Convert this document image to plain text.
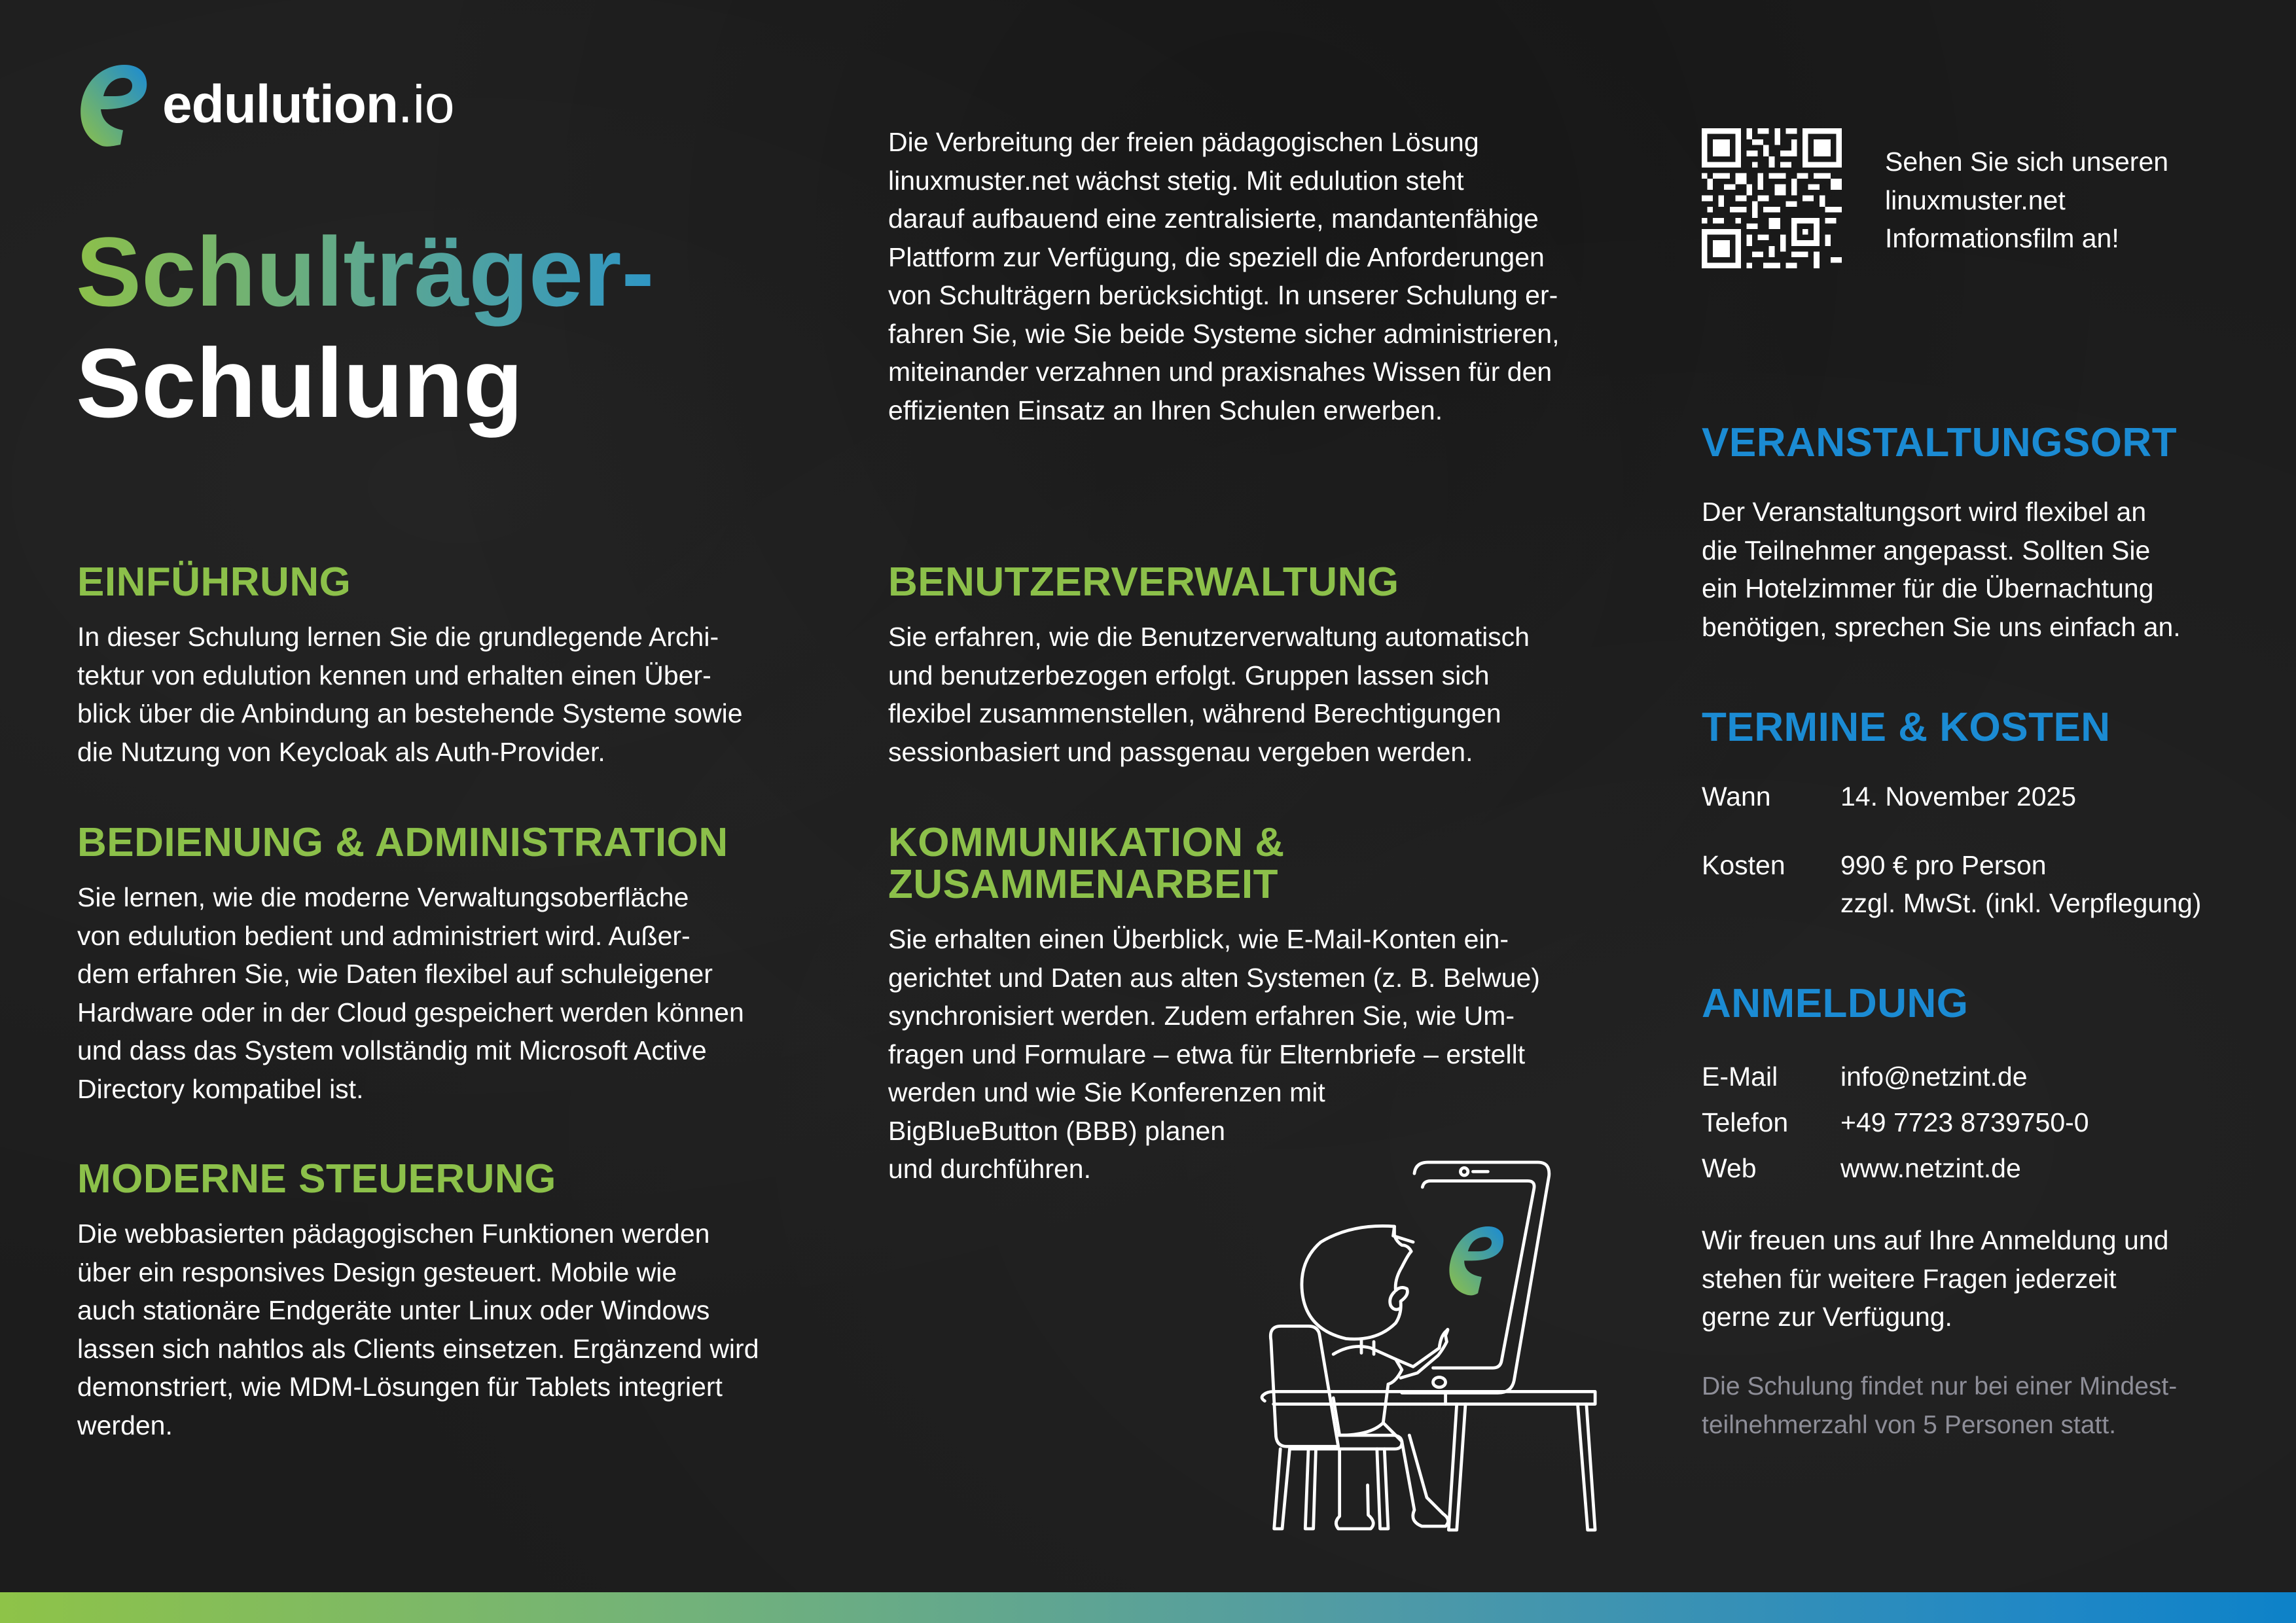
edulution .io
Schulträger-
Schulung

Die Verbreitung der freien pädagogischen Lösung
linuxmuster.net wächst stetig. Mit edulution steht
darauf aufbauend eine zentralisierte, mandantenfähige
Plattform zur Verfügung, die speziell die Anforderungen
von Schulträgern berücksichtigt. In unserer Schulung er-
fahren Sie, wie Sie beide Systeme sicher administrieren,
miteinander verzahnen und praxisnahes Wissen für den
effizienten Einsatz an Ihren Schulen erwerben.

Sehen Sie sich unseren
linuxmuster.net
Informationsfilm an!

EINFÜHRUNG

In dieser Schulung lernen Sie die grundlegende Archi-
tektur von edulution kennen und erhalten einen Über-
blick über die Anbindung an bestehende Systeme sowie
die Nutzung von Keycloak als Auth-Provider.

BEDIENUNG & ADMINISTRATION

Sie lernen, wie die moderne Verwaltungsoberfläche
von edulution bedient und administriert wird. Außer-
dem erfahren Sie, wie Daten flexibel auf schuleigener
Hardware oder in der Cloud gespeichert werden können
und dass das System vollständig mit Microsoft Active
Directory kompatibel ist.

MODERNE STEUERUNG

Die webbasierten pädagogischen Funktionen werden
über ein responsives Design gesteuert. Mobile wie
auch stationäre Endgeräte unter Linux oder Windows
lassen sich nahtlos als Clients einsetzen. Ergänzend wird
demonstriert, wie MDM-Lösungen für Tablets integriert
werden.

BENUTZERVERWALTUNG

Sie erfahren, wie die Benutzerverwaltung automatisch
und benutzerbezogen erfolgt. Gruppen lassen sich
flexibel zusammenstellen, während Berechtigungen
sessionbasiert und passgenau vergeben werden.

KOMMUNIKATION &
ZUSAMMENARBEIT

Sie erhalten einen Überblick, wie E-Mail-Konten ein-
gerichtet und Daten aus alten Systemen (z. B. Belwue)
synchronisiert werden. Zudem erfahren Sie, wie Um-
fragen und Formulare – etwa für Elternbriefe – erstellt
werden und wie Sie Konferenzen mit
BigBlueButton (BBB) planen
und durchführen.

VERANSTALTUNGSORT

Der Veranstaltungsort wird flexibel an
die Teilnehmer angepasst. Sollten Sie
ein Hotelzimmer für die Übernachtung
benötigen, sprechen Sie uns einfach an.

TERMINE & KOSTEN
Wann	14. November 2025
Kosten	990 € pro Person
zzgl. MwSt. (inkl. Verpflegung)
ANMELDUNG
E-Mail	info@netzint.de
Telefon	+49 7723 8739750-0
Web	www.netzint.de

Wir freuen uns auf Ihre Anmeldung und
stehen für weitere Fragen jederzeit
gerne zur Verfügung.

Die Schulung findet nur bei einer Mindest-
teilnehmerzahl von 5 Personen statt.
